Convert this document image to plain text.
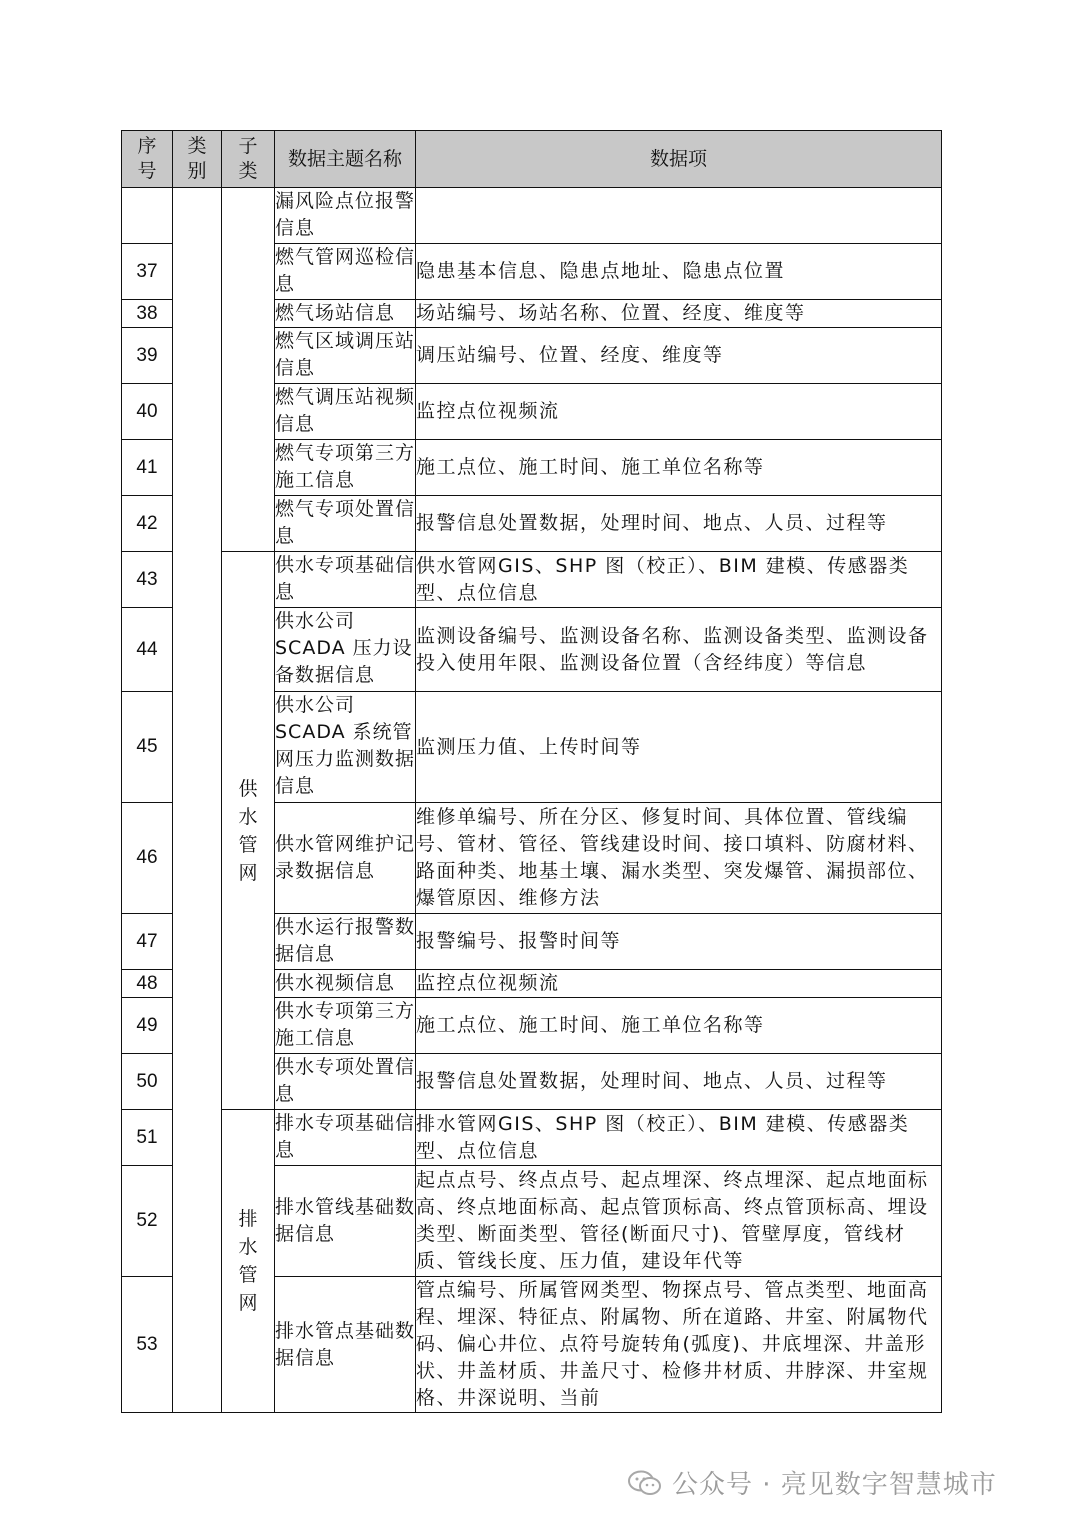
序号	类别	子类	数据主题名称	数据项
			漏风险点位报警信息	
37			燃气管网巡检信息	隐患基本信息、隐患点地址、隐患点位置
38			燃气场站信息	场站编号、场站名称、位置、经度、维度等
39			燃气区域调压站信息	调压站编号、位置、经度、维度等
40			燃气调压站视频信息	监控点位视频流
41			燃气专项第三方施工信息	施工点位、施工时间、施工单位名称等
42			燃气专项处置信息	报警信息处置数据，处理时间、地点、人员、过程等
43		供水管网	供水专项基础信息	供水管网GIS、SHP 图（校正）、BIM 建模、传感器类型、点位信息
44			供水公司 SCADA 压力设备数据信息	监测设备编号、监测设备名称、监测设备类型、监测设备投入使用年限、监测设备位置（含经纬度）等信息
45			供水公司 SCADA 系统管网压力监测数据信息	监测压力值、上传时间等
46			供水管网维护记录数据信息	维修单编号、所在分区、修复时间、具体位置、管线编号、管材、管径、管线建设时间、接口填料、防腐材料、路面种类、地基土壤、漏水类型、突发爆管、漏损部位、爆管原因、维修方法
47			供水运行报警数据信息	报警编号、报警时间等
48			供水视频信息	监控点位视频流
49			供水专项第三方施工信息	施工点位、施工时间、施工单位名称等
50			供水专项处置信息	报警信息处置数据，处理时间、地点、人员、过程等
51		排水管网	排水专项基础信息	排水管网GIS、SHP 图（校正）、BIM 建模、传感器类型、点位信息
52			排水管线基础数据信息	起点点号、终点点号、起点埋深、终点埋深、起点地面标高、终点地面标高、起点管顶标高、终点管顶标高、埋设类型、断面类型、管径(断面尺寸)、管壁厚度，管线材质、管线长度、压力值，建设年代等
53			排水管点基础数据信息	管点编号、所属管网类型、物探点号、管点类型、地面高程、埋深、特征点、附属物、所在道路、井室、附属物代码、偏心井位、点符号旋转角(弧度)、井底埋深、井盖形状、井盖材质、井盖尺寸、检修井材质、井脖深、井室规格、井深说明、当前
公众号 · 亮见数字智慧城市
